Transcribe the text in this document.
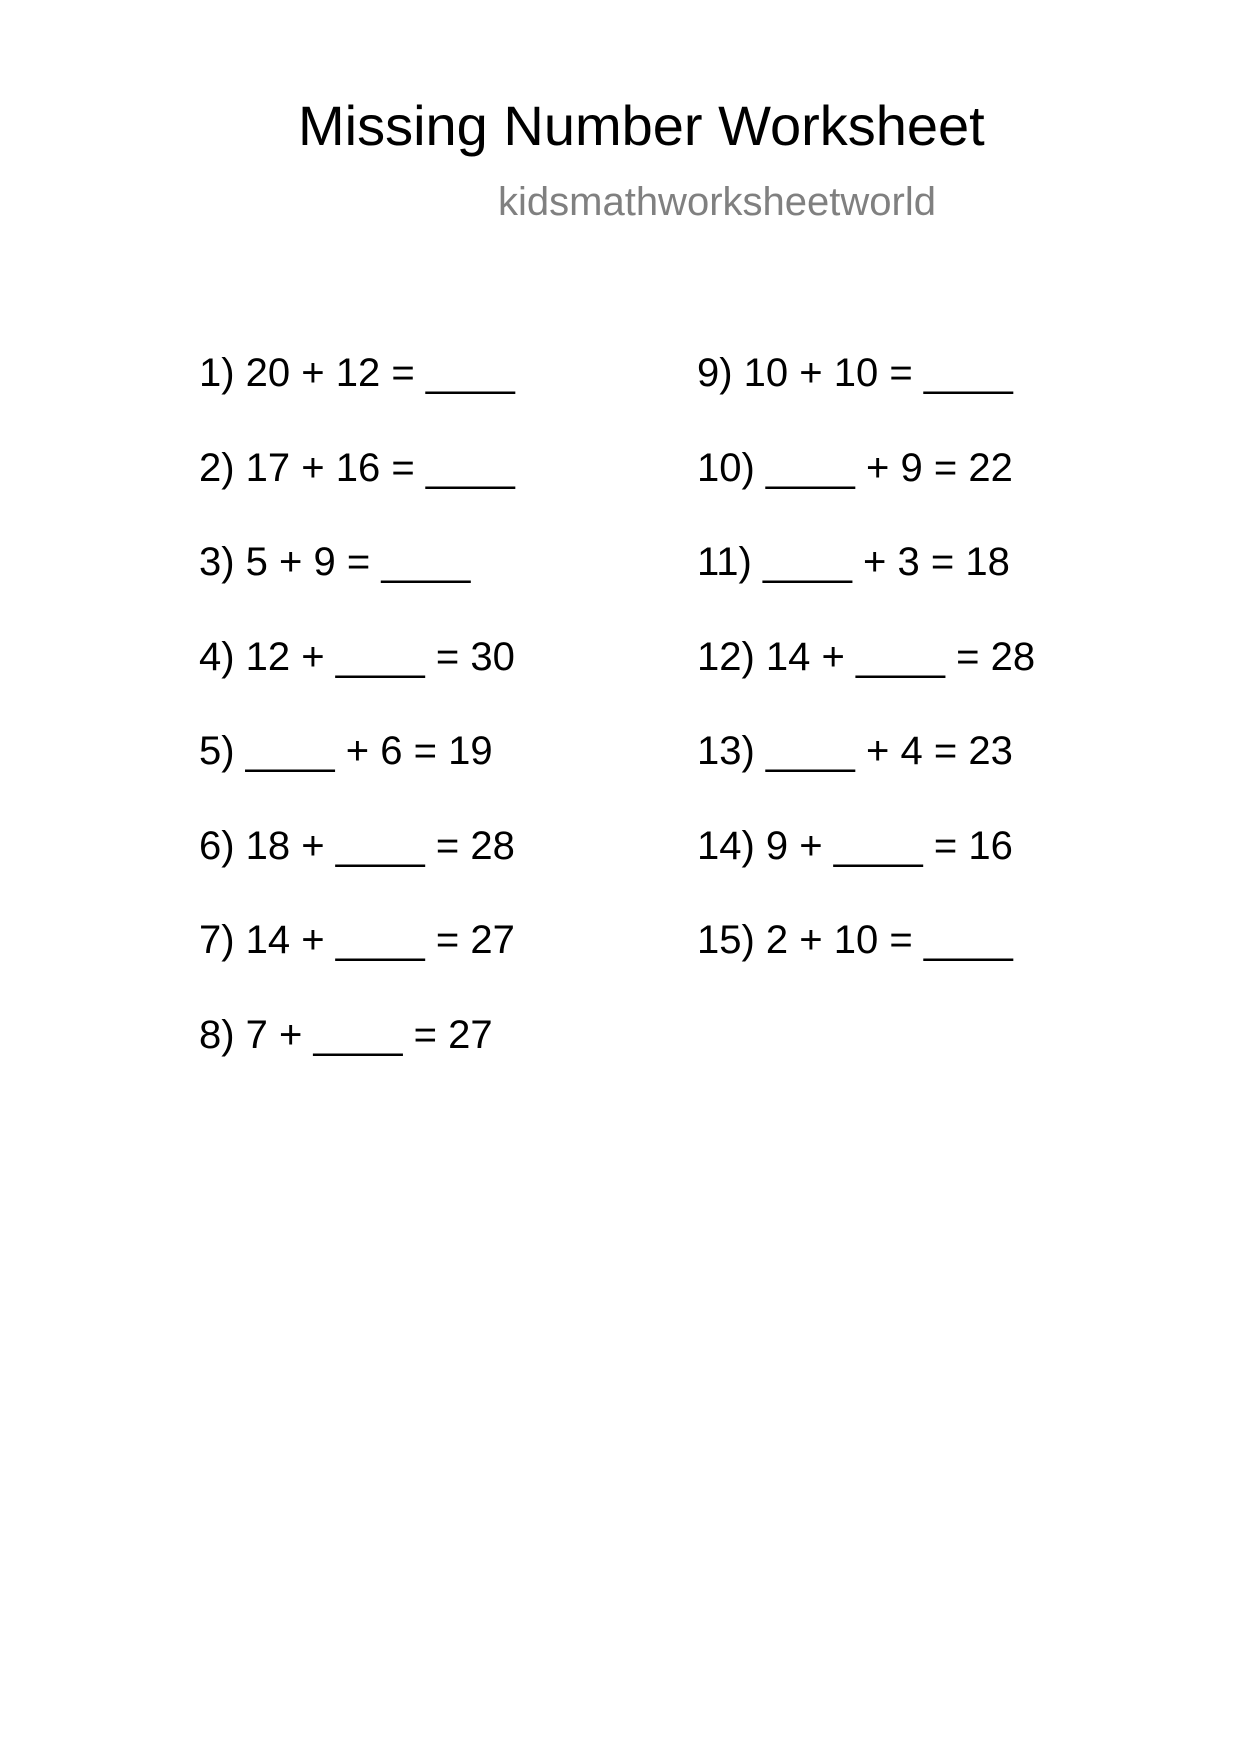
Missing Number Worksheet
kidsmathworksheetworld
1) 20 + 12 = ____
2) 17 + 16 = ____
3) 5 + 9 = ____
4) 12 + ____ = 30
5) ____ + 6 = 19
6) 18 + ____ = 28
7) 14 + ____ = 27
8) 7 + ____ = 27
9) 10 + 10 = ____
10) ____ + 9 = 22
11) ____ + 3 = 18
12) 14 + ____ = 28
13) ____ + 4 = 23
14) 9 + ____ = 16
15) 2 + 10 = ____
